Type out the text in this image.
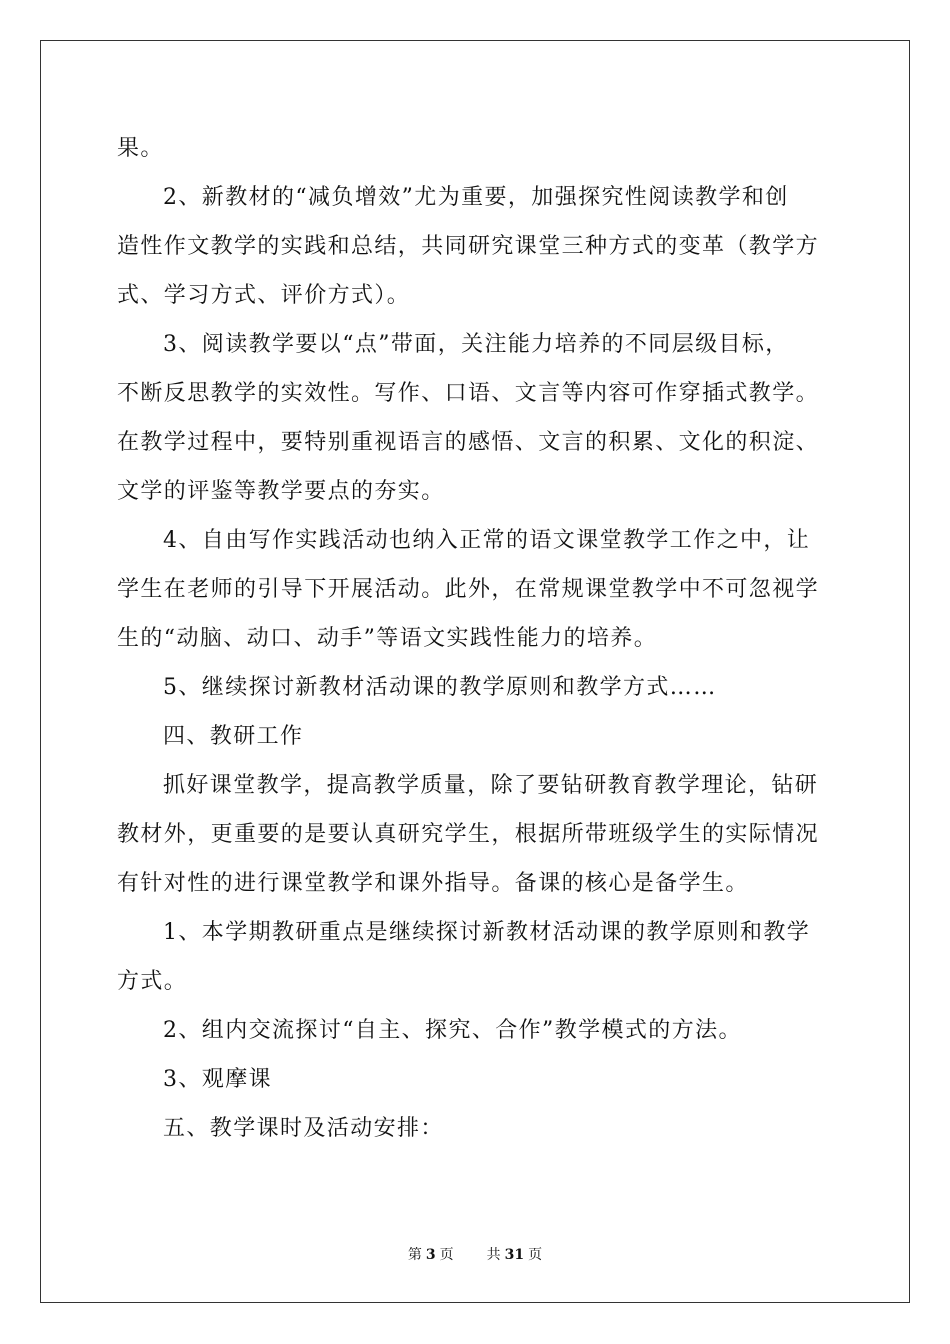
果。

2、新教材的“减负增效”尤为重要，加强探究性阅读教学和创

造性作文教学的实践和总结，共同研究课堂三种方式的变革（教学方

式、学习方式、评价方式）。

3、阅读教学要以“点”带面，关注能力培养的不同层级目标，

不断反思教学的实效性。写作、口语、文言等内容可作穿插式教学。

在教学过程中，要特别重视语言的感悟、文言的积累、文化的积淀、

文学的评鉴等教学要点的夯实。

4、自由写作实践活动也纳入正常的语文课堂教学工作之中，让

学生在老师的引导下开展活动。此外，在常规课堂教学中不可忽视学

生的“动脑、动口、动手”等语文实践性能力的培养。

5、继续探讨新教材活动课的教学原则和教学方式……

四、教研工作

抓好课堂教学，提高教学质量，除了要钻研教育教学理论，钻研

教材外，更重要的是要认真研究学生，根据所带班级学生的实际情况

有针对性的进行课堂教学和课外指导。备课的核心是备学生。

1、本学期教研重点是继续探讨新教材活动课的教学原则和教学

方式。

2、组内交流探讨“自主、探究、合作”教学模式的方法。

3、观摩课

五、教学课时及活动安排：

第 3 页 共 31 页
